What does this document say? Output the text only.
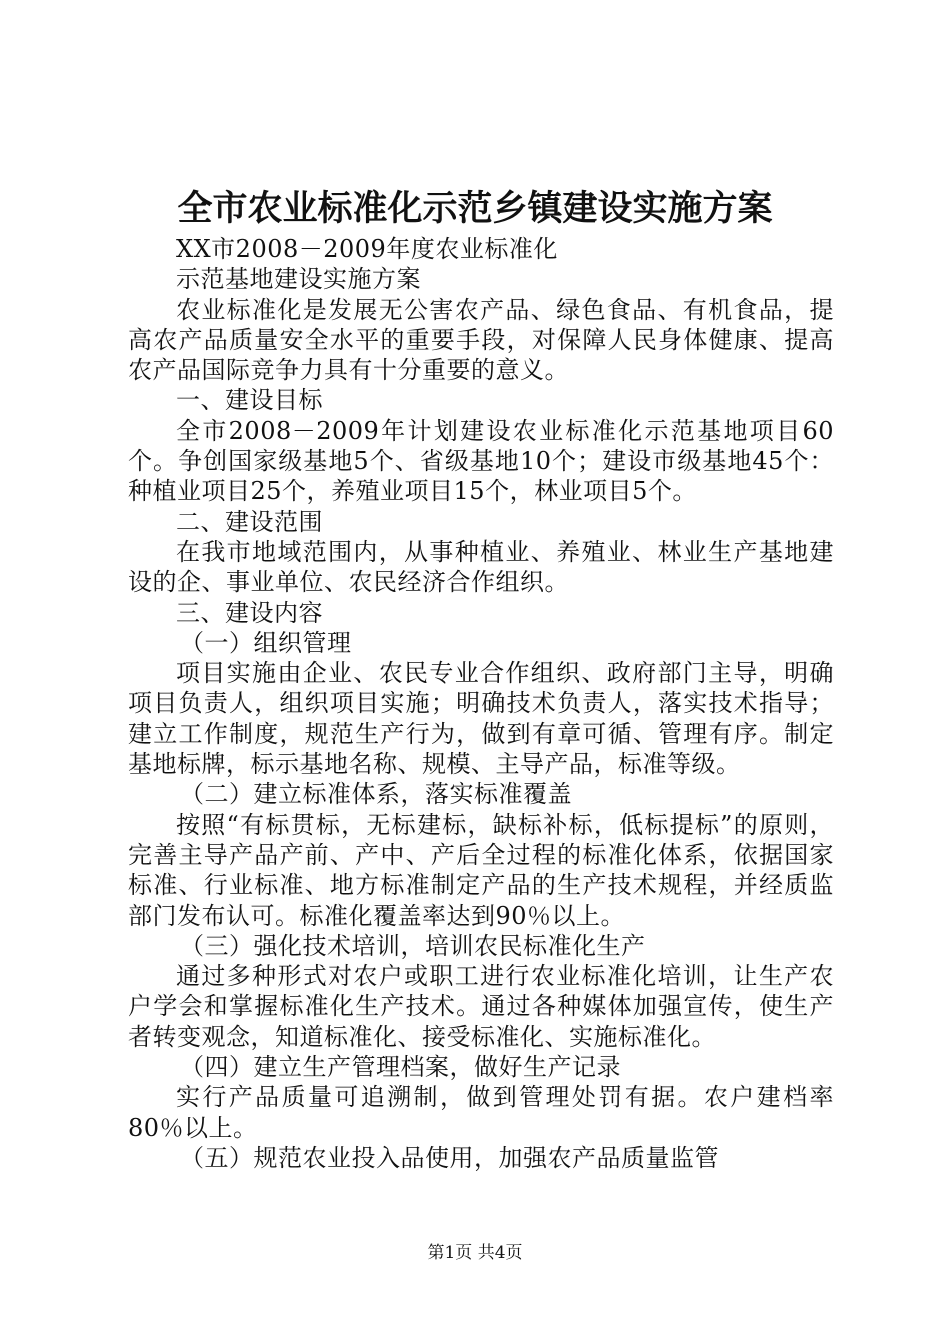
全市农业标准化示范乡镇建设实施方案

XX市2008－2009年度农业标准化

示范基地建设实施方案

农业标准化是发展无公害农产品、绿色食品、有机食品，提高农产品质量安全水平的重要手段，对保障人民身体健康、提高农产品国际竞争力具有十分重要的意义。

一、建设目标

全市2008－2009年计划建设农业标准化示范基地项目60个。争创国家级基地5个、省级基地10个；建设市级基地45个：种植业项目25个，养殖业项目15个，林业项目5个。

二、建设范围

在我市地域范围内，从事种植业、养殖业、林业生产基地建设的企、事业单位、农民经济合作组织。

三、建设内容

（一）组织管理

项目实施由企业、农民专业合作组织、政府部门主导，明确项目负责人，组织项目实施；明确技术负责人，落实技术指导；建立工作制度，规范生产行为，做到有章可循、管理有序。制定基地标牌，标示基地名称、规模、主导产品，标准等级。

（二）建立标准体系，落实标准覆盖

按照“有标贯标，无标建标，缺标补标，低标提标”的原则，完善主导产品产前、产中、产后全过程的标准化体系，依据国家标准、行业标准、地方标准制定产品的生产技术规程，并经质监部门发布认可。标准化覆盖率达到90％以上。

（三）强化技术培训，培训农民标准化生产

通过多种形式对农户或职工进行农业标准化培训，让生产农户学会和掌握标准化生产技术。通过各种媒体加强宣传，使生产者转变观念，知道标准化、接受标准化、实施标准化。

（四）建立生产管理档案，做好生产记录

实行产品质量可追溯制，做到管理处罚有据。农户建档率80％以上。

（五）规范农业投入品使用，加强农产品质量监管

第1页 共4页
